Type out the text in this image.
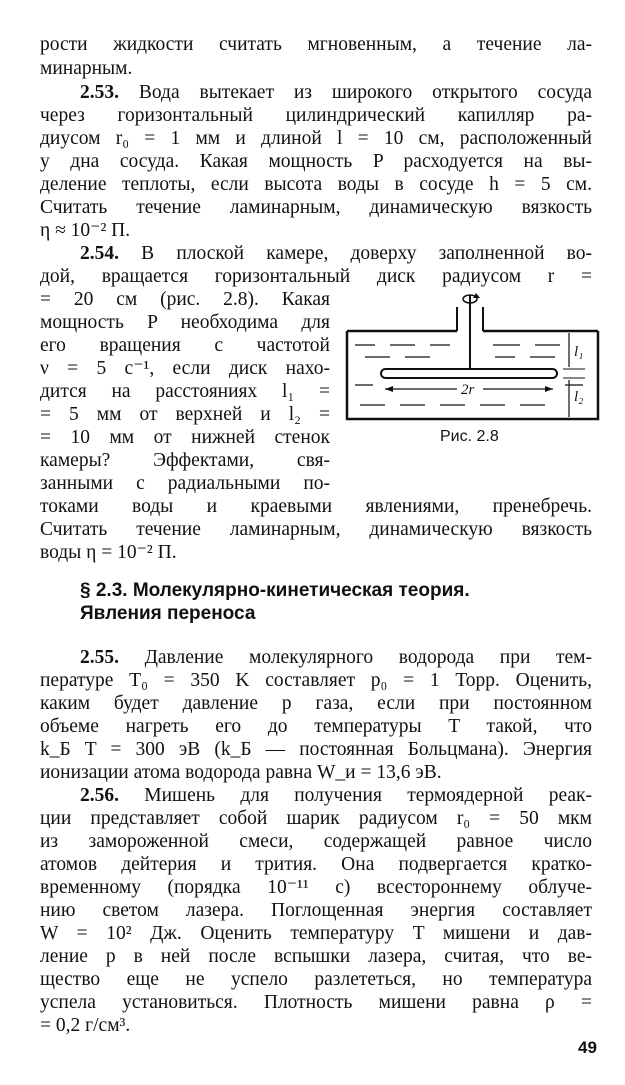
рости жидкости считать мгновенным, а течение ла-
минарным.
2.53. Вода вытекает из широкого открытого сосуда
через горизонтальный цилиндрический капилляр ра-
диусом r₀ = 1 мм и длиной l = 10 см, расположенный
у дна сосуда. Какая мощность P расходуется на вы-
деление теплоты, если высота воды в сосуде h = 5 см.
Считать течение ламинарным, динамическую вязкость
η ≈ 10⁻² П.
2.54. В плоской камере, доверху заполненной во-
дой, вращается горизонтальный диск радиусом r =
= 20 см (рис. 2.8). Какая
мощность P необходима для
его вращения с частотой
ν = 5 с⁻¹, если диск нахо-
дится на расстояниях l₁ =
= 5 мм от верхней и l₂ =
= 10 мм от нижней стенок
камеры? Эффектами, свя-
занными с радиальными по-
токами воды и краевыми явлениями, пренебречь.
Считать течение ламинарным, динамическую вязкость
воды η = 10⁻² П.
2r
l₁
l₂
Рис. 2.8
§ 2.3. Молекулярно-кинетическая теория.
Явления переноса
2.55. Давление молекулярного водорода при тем-
пературе T₀ = 350 K составляет p₀ = 1 Торр. Оценить,
каким будет давление p газа, если при постоянном
объеме нагреть его до температуры T такой, что
k_Б T = 300 эВ (k_Б — постоянная Больцмана). Энергия
ионизации атома водорода равна W_и = 13,6 эВ.
2.56. Мишень для получения термоядерной реак-
ции представляет собой шарик радиусом r₀ = 50 мкм
из замороженной смеси, содержащей равное число
атомов дейтерия и трития. Она подвергается кратко-
временному (порядка 10⁻¹¹ с) всестороннему облуче-
нию светом лазера. Поглощенная энергия составляет
W = 10² Дж. Оценить температуру T мишени и дав-
ление p в ней после вспышки лазера, считая, что ве-
щество еще не успело разлететься, но температура
успела установиться. Плотность мишени равна ρ =
= 0,2 г/см³.
49
